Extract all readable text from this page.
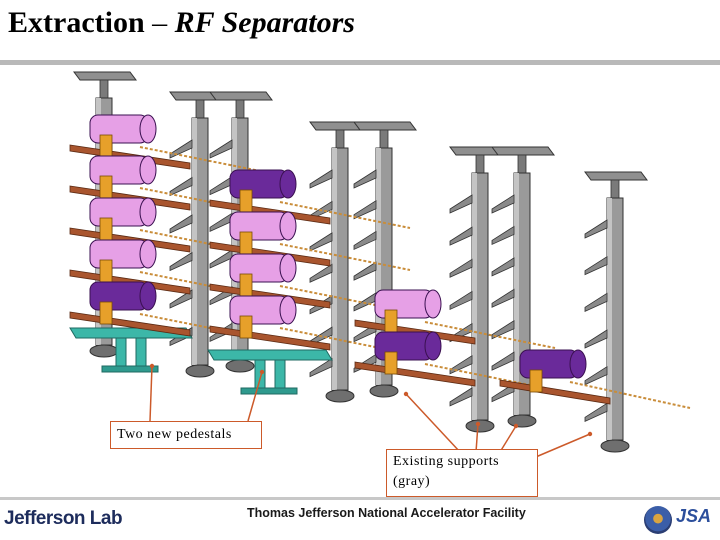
Extraction – RF Separators
Two new pedestals
Existing supports
(gray)
Jefferson Lab	Thomas Jefferson National Accelerator Facility	JSA
